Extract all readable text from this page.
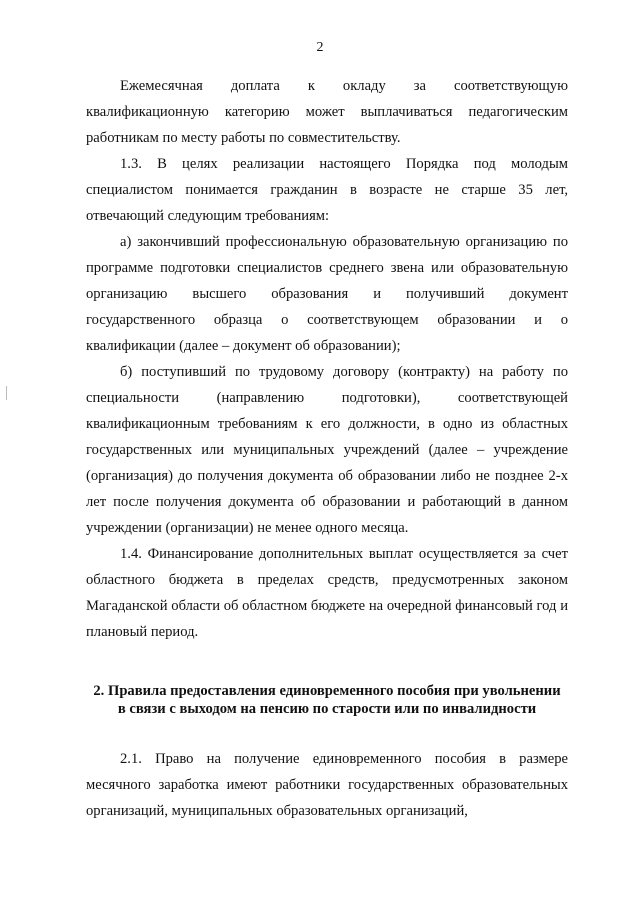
2

Ежемесячная доплата к окладу за соответствующую квалификационную категорию может выплачиваться педагогическим работникам по месту работы по совместительству.

1.3. В целях реализации настоящего Порядка под молодым специалистом понимается гражданин в возрасте не старше 35 лет, отвечающий следующим требованиям:

а) закончивший профессиональную образовательную организацию по программе подготовки специалистов среднего звена или образовательную организацию высшего образования и получивший документ государственного образца о соответствующем образовании и о квалификации (далее – документ об образовании);

б) поступивший по трудовому договору (контракту) на работу по специальности (направлению подготовки), соответствующей квалификационным требованиям к его должности, в одно из областных государственных или муниципальных учреждений (далее – учреждение (организация) до получения документа об образовании либо не позднее 2-х лет после получения документа об образовании и работающий в данном учреждении (организации) не менее одного месяца.

1.4. Финансирование дополнительных выплат осуществляется за счет областного бюджета в пределах средств, предусмотренных законом Магаданской области об областном бюджете на очередной финансовый год и плановый период.

2. Правила предоставления единовременного пособия при увольнении
в связи с выходом на пенсию по старости или по инвалидности

2.1. Право на получение единовременного пособия в размере месячного заработка имеют работники государственных образовательных организаций, муниципальных образовательных организаций,
